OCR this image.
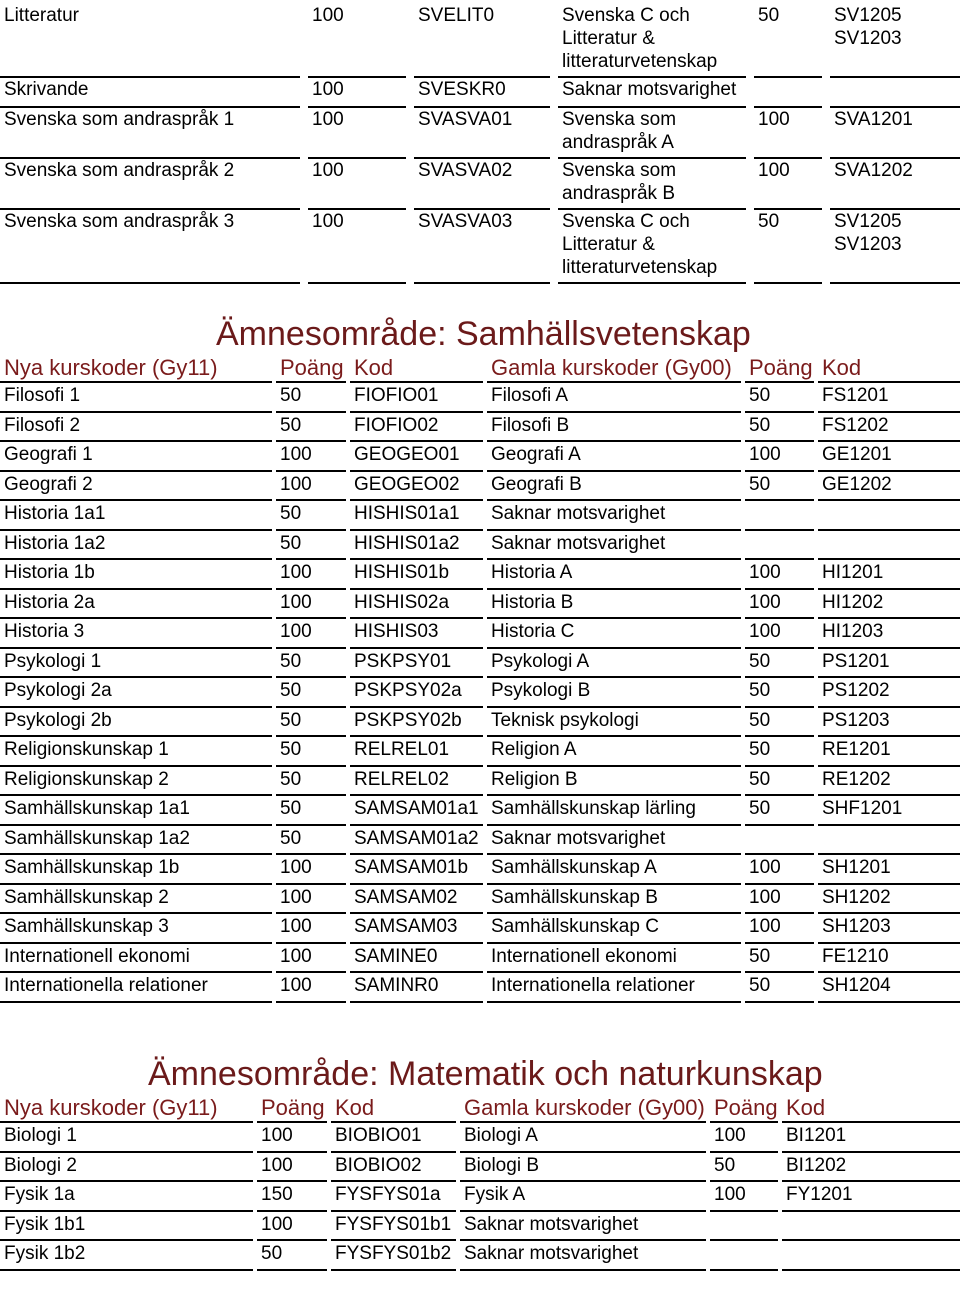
Litteratur		100		SVELIT0		Svenska C och Litteratur & litteraturvetenskap		50		SV1205 SV1203
Skrivande		100		SVESKR0		Saknar motsvarighet				
Svenska som andraspråk 1		100		SVASVA01		Svenska som andraspråk A		100		SVA1201
Svenska som andraspråk 2		100		SVASVA02		Svenska som andraspråk B		100		SVA1202
Svenska som andraspråk 3		100		SVASVA03		Svenska C och Litteratur & litteraturvetenskap		50		SV1205 SV1203
Ämnesområde: Samhällsvetenskap
Nya kurskoder (Gy11)		Poäng		Kod		Gamla kurskoder (Gy00)		Poäng		Kod
Filosofi 1		50		FIOFIO01		Filosofi A		50		FS1201
Filosofi 2		50		FIOFIO02		Filosofi B		50		FS1202
Geografi 1		100		GEOGEO01		Geografi A		100		GE1201
Geografi 2		100		GEOGEO02		Geografi B		50		GE1202
Historia 1a1		50		HISHIS01a1		Saknar motsvarighet				
Historia 1a2		50		HISHIS01a2		Saknar motsvarighet				
Historia 1b		100		HISHIS01b		Historia A		100		HI1201
Historia 2a		100		HISHIS02a		Historia B		100		HI1202
Historia 3		100		HISHIS03		Historia C		100		HI1203
Psykologi 1		50		PSKPSY01		Psykologi A		50		PS1201
Psykologi 2a		50		PSKPSY02a		Psykologi B		50		PS1202
Psykologi 2b		50		PSKPSY02b		Teknisk psykologi		50		PS1203
Religionskunskap 1		50		RELREL01		Religion A		50		RE1201
Religionskunskap 2		50		RELREL02		Religion B		50		RE1202
Samhällskunskap 1a1		50		SAMSAM01a1		Samhällskunskap lärling		50		SHF1201
Samhällskunskap 1a2		50		SAMSAM01a2		Saknar motsvarighet				
Samhällskunskap 1b		100		SAMSAM01b		Samhällskunskap A		100		SH1201
Samhällskunskap 2		100		SAMSAM02		Samhällskunskap B		100		SH1202
Samhällskunskap 3		100		SAMSAM03		Samhällskunskap C		100		SH1203
Internationell ekonomi		100		SAMINE0		Internationell ekonomi		50		FE1210
Internationella relationer		100		SAMINR0		Internationella relationer		50		SH1204
Ämnesområde: Matematik och naturkunskap
Nya kurskoder (Gy11)		Poäng		Kod		Gamla kurskoder (Gy00)		Poäng		Kod
Biologi 1		100		BIOBIO01		Biologi A		100		BI1201
Biologi 2		100		BIOBIO02		Biologi B		50		BI1202
Fysik 1a		150		FYSFYS01a		Fysik A		100		FY1201
Fysik 1b1		100		FYSFYS01b1		Saknar motsvarighet				
Fysik 1b2		50		FYSFYS01b2		Saknar motsvarighet				
